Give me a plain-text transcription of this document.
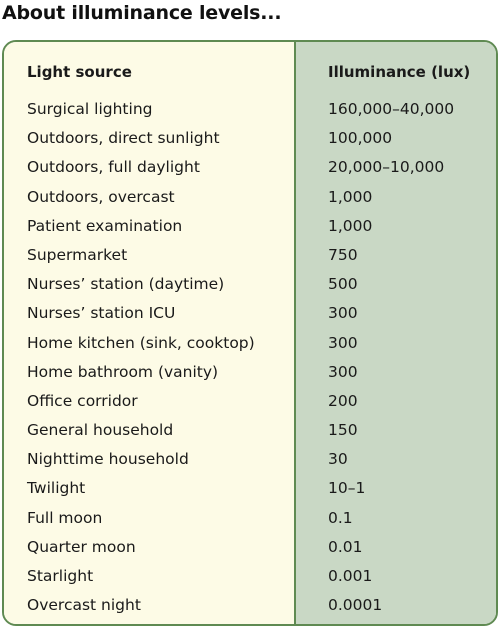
About illuminance levels...
Light source	Illuminance (lux)
Surgical lighting	160,000–40,000
Outdoors, direct sunlight	100,000
Outdoors, full daylight	20,000–10,000
Outdoors, overcast	1,000
Patient examination	1,000
Supermarket	750
Nurses’ station (daytime)	500
Nurses’ station ICU	300
Home kitchen (sink, cooktop)	300
Home bathroom (vanity)	300
Office corridor	200
General household	150
Nighttime household	30
Twilight	10–1
Full moon	0.1
Quarter moon	0.01
Starlight	0.001
Overcast night	0.0001
